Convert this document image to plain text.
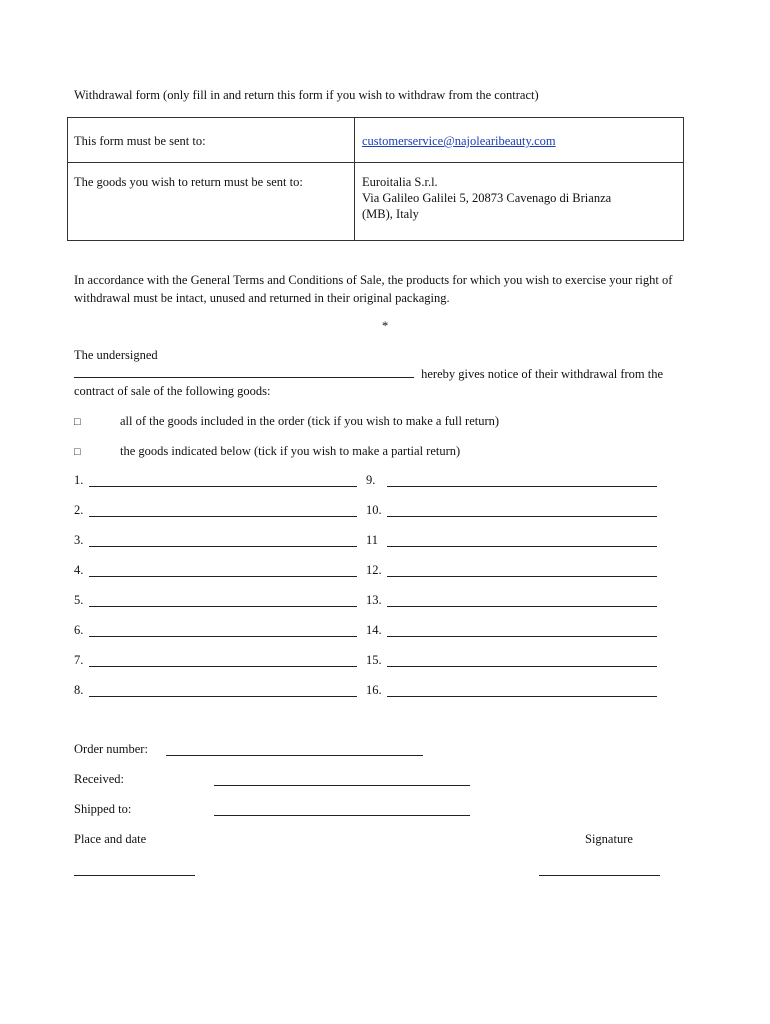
Withdrawal form (only fill in and return this form if you wish to withdraw from the contract)
This form must be sent to:	customerservice@najolearibeauty.com
The goods you wish to return must be sent to:	Euroitalia S.r.l.
Via Galileo Galilei 5, 20873 Cavenago di Brianza
(MB), Italy
In accordance with the General Terms and Conditions of Sale, the products for which you wish to exercise your right of withdrawal must be intact, unused and returned in their original packaging.
*
The undersigned
hereby gives notice of their withdrawal from the
contract of sale of the following goods:
□	all of the goods included in the order (tick if you wish to make a full return)
□	the goods indicated below (tick if you wish to make a partial return)
1.
2.
3.
4.
5.
6.
7.
8.
9.
10.
11
12.
13.
14.
15.
16.
Order number:
Received:
Shipped to:
Place and date	Signature
